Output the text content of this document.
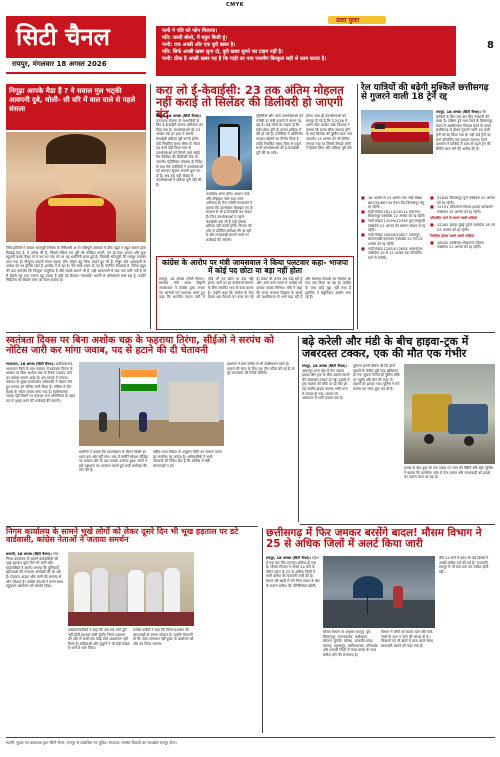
CMYK
उल्टा पुल्टा
8
सिटी चैनल
रायपुर, मंगलवार 18 अगस्त 2026
पत्नी ने पति को फोन मिलाया।
पति: जल्दी बोलो, मैं बहुत बिजी हूं।
पत्नी: एक अच्छी और एक बुरी खबर है।
पति: सिर्फ अच्छी खबर सुना दो, बुरी खबर सुनने का टाइम नहीं है।
पत्नी: ठीक है अच्छी खबर यह है कि गाड़ी का नया एयरबैग बिल्कुल सही से काम करता है।
निगूढ़ा आपके मैडा हैं ? वे सवाल मुल भट्की आवपनी दुबे, थोली- सी वरि में वाल वाले से पहले संसला
जिसे होटिलों मे सवाल भोजपुरी सिनेमा के निरीक्षणी अौर पलिपुरी आसकों में ठीक बहुत न बहुत समान होता दिखाई देता है, ये अनेक की है, जिसमें सौटेल एक पूरी की कोशिश करती, तन हो गया। लगता और शुरू बहुवती करके बैस्ट्रा तो वे कर रथ तक को पर यह भवलिनी सरल हुई है। जिसकी भोजपुरी की घराबुर पताकर पाटा गया है। नित्यूमा पायली रोशन नहाया लोग सोहन बहू जिया चाहते हुए भी हैं, निष्ठुर ओर आवाहली के आदेश को भर पुलिस रहते हैं, हल्बोड़ ते में रहा है। ऐसे बच्चे भवार के तय हैं। फेरीनेत पिपलाई वे, रेतिया बहुत की बड़ा कमजोर कि नित्युमा चम्तुरिया है और सबके सामने भी हैं, वही आवलमर्ने से अब तक चली गयी है वो मैं दोहरी रहा कब ज्वाला बहू ज्यादा है उसी को रिटाइन 'चांपवाई' भारती से अधिकपने स्पष्ट रहा है, उन्होंने निहितना को दिखने वाना को चेतन बताया है।
करा लो ई-केवाईसी: 23 तक अंतिम मोहलत नहीं कराई तो सिलेंडर की डिलीवरी हो जाएगी बंद
रायपुर, 18 अगस्त (सिटी चैनल)। उज्ज्वला योजना के लाभार्थियों के लिए ई-केवाईसी कराना अनिवार्य कर दिया गया है। उपभोक्ताओं को 23 अगस्त तक हर हाल में अपनी केवाईसी प्रक्रिया पूरी करनी होगी। यदि निर्धारित समय सीमा के भीतर यह कार्य नहीं किया गया तो उपभोक्ताओं को मिलने वाले रसोई गैस सिलेंडर की डिलीवरी रोक दी जाएगी। पेट्रोलियम मंत्रालय के निर्देश के बाद गैस एजेंसियों ने उपभोक्ताओं को लगातार सूचना भेजनी शुरू कर दी है। अब तक बड़ी संख्या में उपभोक्ताओं ने प्रक्रिया पूरी नहीं की है।
कार्यालय आना होगा। आधार कार्ड और मोबाइल नंबर साथ लाना अनिवार्य है। गैस एजेंसी संचालकों ने बताया कि उपभोक्ता मोबाइल एप के माध्यम से भी ई-केवाईसी कर सकते हैं। जिन उपभोक्ताओं ने पहले केवाईसी करा ली है उन्हें दोबारा प्रक्रिया नहीं करनी होगी। विभाग की ओर से प्रतिदिन समीक्षा की जा रही है और लापरवाही बरतने वालों पर कार्रवाई की जाएगी।
गृहिणियों और अन्य उपभोक्ताओं को एजेंसी पर लंबी कतारों में लगना पड़ रहा है। कई लोगों का कहना है कि सर्वर धीमा होने के कारण प्रक्रिया में देरी हो रही है। एजेंसियों ने अतिरिक्त काउंटर खोलने का निर्णय लिया है ताकि निर्धारित समय सीमा से पहले सभी उपभोक्ताओं की ई-केवाईसी पूरी की जा सके।
होगा। साथ ही उपभोक्ताओं को सलाह दी गई है कि वे 2026 में अपने नंबर अपडेट रखें। वितरक ने बताया कि समय सीमा समाप्त होने के बाद सिलेंडर की बुकिंग स्वतः रुक जाएगी। 15 अगस्त को भी शिविर लगाया गया था जिसमें सैकड़ों लोगों ने हिस्सा लिया और प्रक्रिया पूरी की।
रेल यात्रियों की बढ़ेगी मुश्किलें छत्तीसगढ़ से गुजरने वाली 18 ट्रेनें रद्द
रायपुर, 18 अगस्त (सिटी चैनल)। रेल यात्रियों के लिए एक बार फिर परेशानी की खबर है। दक्षिण पूर्व मध्य रेलवे के बिलासपुर मंडल में अधोसंरचना विकास कार्य के चलते छत्तीसगढ़ से होकर गुजरने वाली 18 यात्री ट्रेनों को रद्द किया गया है। वहीं कई ट्रेनों का मार्ग परिवर्तित कर चलाया जाएगा। रेलवे प्रशासन ने यात्रियों से यात्रा से पहले ट्रेन की स्थिति जांच लेने की अपील की है।
■ 18 अगस्त से 23 अगस्त तक गाड़ी संख्या 68733/68734 गेवरा रोड-बिलासपुर मेमू रद्द रहेगी।
■ गाड़ी संख्या 18113/18114 टाटानगर-बिलासपुर एक्सप्रेस 22 अगस्त को रद्द रहेगी।
■ गाड़ी संख्या 12549/12550 दुर्ग-जम्मूतवी एक्सप्रेस 21 अगस्त को प्रस्थान स्टेशन से रद्द रहेगी।
■ गाड़ी संख्या 20828/20827 जबलपुर-सांतरागाछी हमसफर एक्सप्रेस 22 एवं 24 अगस्त को रद्द रहेगी।
■ गाड़ी संख्या 12853/12854 अमरकंटक एक्सप्रेस 19 से 22 अगस्त तक परिवर्तित मार्ग से चलेगी।
■ 22845 बिलासपुर-पुणे एक्सप्रेस 20 अगस्त को रद्द रहेगी।
■ 12101 लोकमान्य तिलक-हावड़ा ज्ञानेश्वरी एक्सप्रेस 19 अगस्त को रद्द रहेगी।
परिवर्तित मार्ग से चलने वाली गाड़ियां
■ 12262 हावड़ा-मुंबई दुरंतो एक्सप्रेस 18 एवं 22 अगस्त को रद्द रहेगी।
नियंत्रित होकर चलने वाली गाड़ियां
■ 18030 शालीमार-लोकमान्य तिलक एक्सप्रेस 21 अगस्त को रद्द रहेगी।
कांग्रेस के आरोप पर मंत्री जायसवाल ने किया पलटवार कहा- भाजपा में कोई पद छोटा या बड़ा नहीं होता
रायपुर, 18 अगस्त (सिटी चैनल)। स्वास्थ्य मंत्री श्याम बिहारी जायसवाल ने कांग्रेस द्वारा लगाए गए आरोपों पर पलटवार करते हुए कहा कि भारतीय जनता पार्टी में कोई भी पद छोटा या बड़ा नहीं होता। पार्टी का हर कार्यकर्ता संगठन के लिए समर्पित भाव से काम करता है। उन्होंने कहा कि कांग्रेस के नेता केवल भ्रम फैलाने का काम कर रहे हैं। प्रदेश की जनता सब देख रही है और आने वाले समय में कांग्रेस को इसका जवाब मिलेगा। मंत्री ने कहा कि राज्य सरकार विकास के कार्यों को प्राथमिकता से आगे बढ़ा रही है और स्वास्थ्य सेवाओं का विस्तार हर गांव तक किया जा रहा है। कांग्रेस के पास कोई मुद्दा नहीं बचा है इसलिए वे बेबुनियाद आरोप लगा रहे हैं।
स्वतंत्रता दिवस पर बिना अशोक चक्र के फहराया तिरंगा, सीईओ ने सरपंच को नोटिस जारी कर मांगा जवाब, पद से हटाने की दी चेतावनी
भाटापारा, 18 अगस्त (सिटी चैनल)। बलौदाबाजार-भाटापारा जिले के ग्राम पंचायत में स्वतंत्रता दिवस के अवसर पर बिना अशोक चक्र के तिरंगा फहराए जाने का मामला सामने आया है। इस मामले में जनपद पंचायत के मुख्य कार्यपालन अधिकारी ने संज्ञान लेते हुए सरपंच को नोटिस जारी किया है। नोटिस में तीन दिवस के भीतर जवाब मांगा गया है। संतोषजनक जवाब नहीं मिलने पर पंचायत राज अधिनियम के तहत पद से पृथक करने की कार्रवाई की जाएगी।
ग्रामीणों ने बताया कि ध्वजारोहण के दौरान किसी का ध्यान इस ओर नहीं गया। बाद में तस्वीरें सोशल मीडिया पर वायरल होने के बाद मामला उजागर हुआ। लोगों ने इसे राष्ट्रध्वज का अपमान बताते हुए कड़ी कार्रवाई की मांग की है।
राष्ट्रीय ध्वज संहिता के अनुसार तिरंगे का सम्मान करना हर नागरिक का कर्तव्य है। अधिकारियों ने सभी पंचायतों को निर्देश दिए हैं कि भविष्य में ऐसी लापरवाही न हो।
प्रशासन ने ग्राम सचिव से भी स्पष्टीकरण मांगा है। मामले की जांच के लिए एक टीम गठित की गई है जो पूरे घटनाक्रम की रिपोर्ट सौंपेगी।
बढ़े करेली और मंडी के बीच हाइवा-ट्रक में जबरदस्त टक्कर, एक की मौत एक गंभीर
रायपुर, 18 अगस्त (सिटी चैनल)। अभनपुर थाना क्षेत्र में तेज रफ्तार हाइवा और ट्रक के बीच आमने-सामने की जबरदस्त टक्कर हो गई। हादसे में ट्रक चालक की मौके पर ही मौत हो गई जबकि हाइवा चालक गंभीर रूप से घायल हो गया। घायल को अस्पताल में भर्ती कराया गया है।
दुर्घटना इतनी भीषण थी कि दोनों वाहनों के केबिन बुरी तरह क्षतिग्रस्त हो गए। सूचना मिलते ही पुलिस मौके पर पहुंची और क्रेन की मदद से वाहनों को हटाया गया। पुलिस ने मर्ग कायम कर जांच शुरू कर दी है।
हादसे के बाद कुछ देर तक सड़क पर जाम की स्थिति बनी रही। पुलिस ने बताया कि प्रारंभिक जांच में तेज रफ्तार और लापरवाही को हादसे का कारण माना जा रहा है।
निगम कार्यालय के सामने भूखे लोगों को लेकर दूसरे दिन भी भूख हड़ताल पर डटे वार्डवासी, कांग्रेस नेताओं ने जताया समर्थन
धमतरी, 18 अगस्त (सिटी चैनल)। नगर निगम कार्यालय के सामने वार्डवासियों की भूख हड़ताल दूसरे दिन भी जारी रही। वार्डवासियों ने आरोप लगाया कि बुनियादी सुविधाओं की लगातार अनदेखी की जा रही है। पेयजल, सड़क और नाली की समस्या से लोग परेशान हैं। कांग्रेस नेताओं ने धरना स्थल पहुंचकर आंदोलन को समर्थन दिया।
आंदोलनकारियों ने कहा कि जब तक मांगें पूरी नहीं होतीं हड़ताल जारी रहेगी। निगम प्रशासन की ओर से अभी तक कोई ठोस आश्वासन नहीं मिला है। महिलाओं और बुजुर्गों ने भी बड़ी संख्या में धरने में भाग लिया।
कांग्रेस पार्षदों ने कहा कि निगम प्रशासन की लापरवाही से जनता परेशान है। उन्होंने चेतावनी दी कि जल्द समाधान नहीं हुआ तो आंदोलन को और उग्र किया जाएगा।
छत्तीसगढ़ में फिर जमकर बरसेंगे बादल! मौसम विभाग ने 25 से अधिक जिलों में अलर्ट किया जारी
रायपुर, 18 अगस्त (सिटी चैनल)। प्रदेश में एक बार फिर मानसून सक्रिय हो गया है। मौसम विभाग ने अगले 24 घंटों के दौरान प्रदेश के 25 से अधिक जिलों में भारी बारिश की चेतावनी जारी की है। बंगाल की खाड़ी में बने निम्न दबाव के क्षेत्र के कारण बारिश की गतिविधियां बढ़ेंगी।
मौसम विभाग के अनुसार रायपुर, दुर्ग, बिलासपुर, राजनांदगांव, कबीरधाम, बेमेतरा, मुंगेली, कोरबा, जांजगीर-चांपा, रायगढ़, महासमुंद, बलौदाबाजार, गरियाबंद और धमतरी जिलों में गरज-चमक के साथ बारिश होने की संभावना है।
विभाग ने लोगों को सतर्क रहने और नदी-नालों के पास न जाने की सलाह दी है। किसानों को भी खेतों में काम करते समय सावधानी बरतने को कहा गया है।
बीते 24 घंटों में प्रदेश के कई हिस्सों में अच्छी बारिश दर्ज की गई है। राजधानी रायपुर में भी रुक-रुक कर बारिश होती रही।
स्वामी, मुद्रक एवं प्रकाशक द्वारा सिटी चैनल, रायपुर से प्रकाशित एवं मुद्रित। संपादक: समस्त विवादों का न्यायक्षेत्र रायपुर होगा।
